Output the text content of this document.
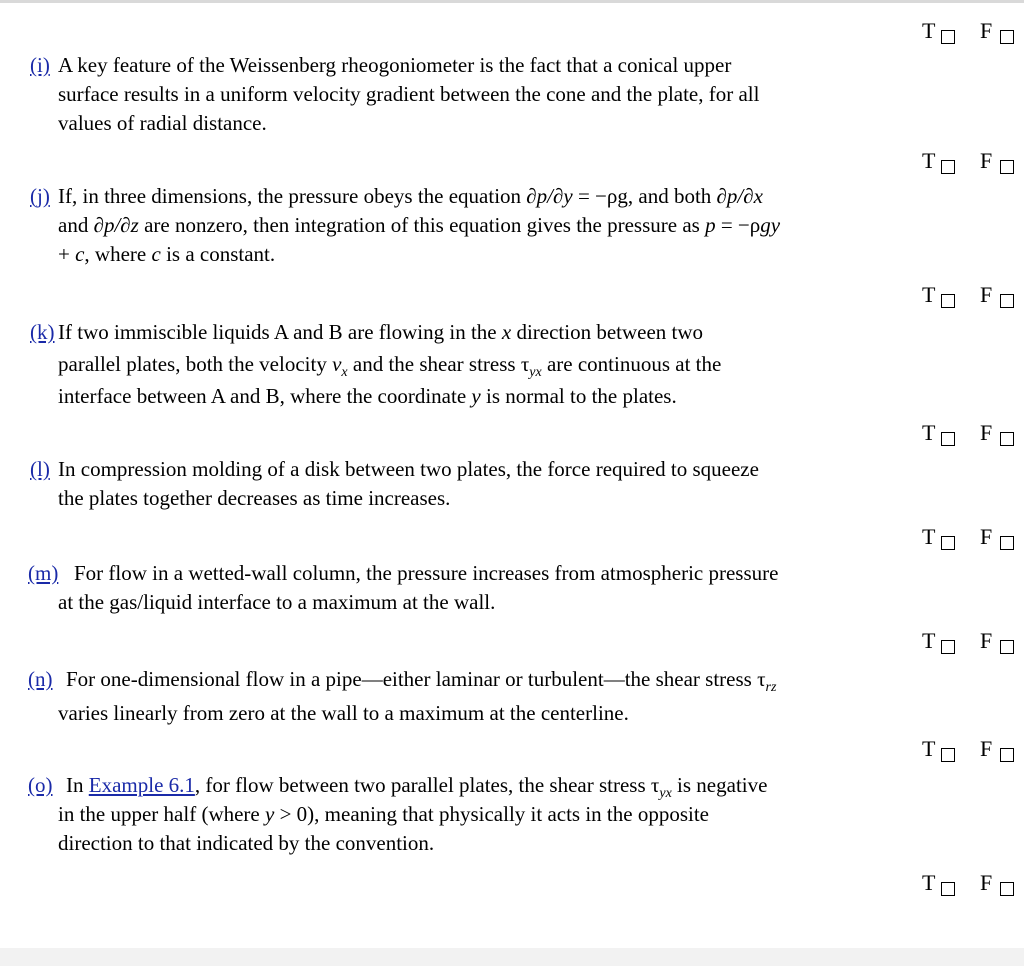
T F
(i) A key feature of the Weissenberg rheogoniometer is the fact that a conical upper
surface results in a uniform velocity gradient between the cone and the plate, for all
values of radial distance.
T F
(j) If, in three dimensions, the pressure obeys the equation ∂p/∂y = −ρg, and both ∂p/∂x
and ∂p/∂z are nonzero, then integration of this equation gives the pressure as p = −ρgy
+ c, where c is a constant.
T F
(k) If two immiscible liquids A and B are flowing in the x direction between two
parallel plates, both the velocity $v_x$ and the shear stress $\tau_{yx}$ are continuous at the
interface between A and B, where the coordinate y is normal to the plates.
T F
(l) In compression molding of a disk between two plates, the force required to squeeze
the plates together decreases as time increases.
T F
(m) For flow in a wetted-wall column, the pressure increases from atmospheric pressure
at the gas/liquid interface to a maximum at the wall.
T F
(n) For one-dimensional flow in a pipe—either laminar or turbulent—the shear stress $\tau_{rz}$
varies linearly from zero at the wall to a maximum at the centerline.
T F
(o) In Example 6.1, for flow between two parallel plates, the shear stress $\tau_{yx}$ is negative
in the upper half (where y > 0), meaning that physically it acts in the opposite
direction to that indicated by the convention.
T F
